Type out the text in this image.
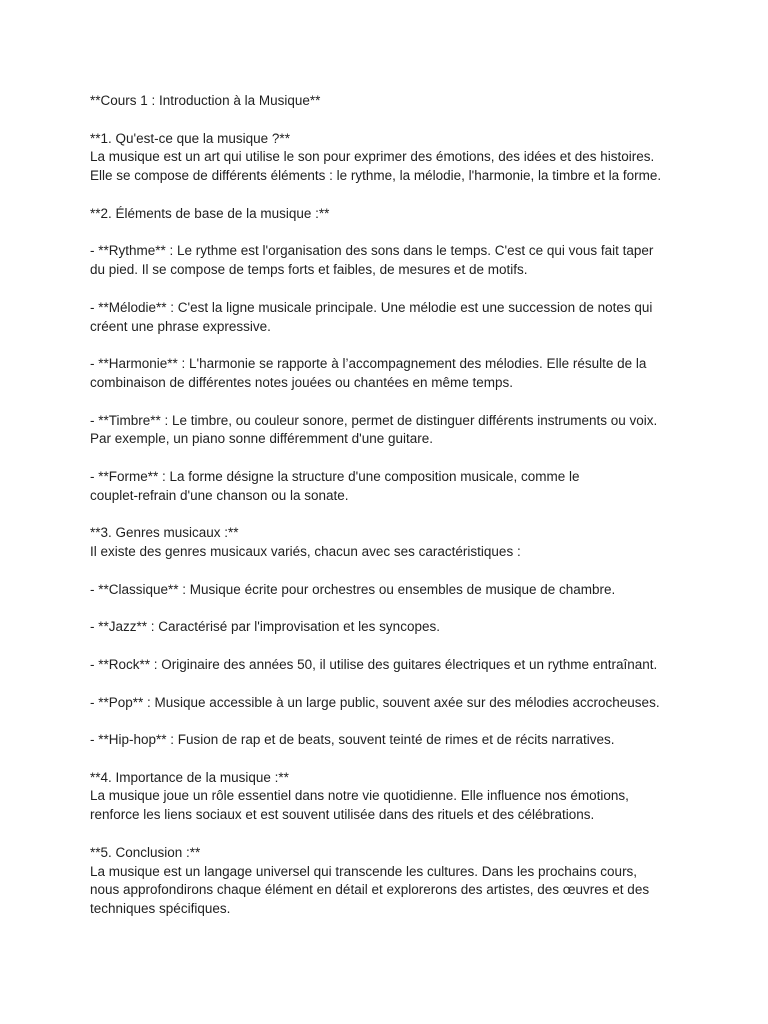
**Cours 1 : Introduction à la Musique**
**1. Qu'est-ce que la musique ?**
La musique est un art qui utilise le son pour exprimer des émotions, des idées et des histoires.
Elle se compose de différents éléments : le rythme, la mélodie, l'harmonie, la timbre et la forme.
**2. Éléments de base de la musique :**
- **Rythme** : Le rythme est l'organisation des sons dans le temps. C'est ce qui vous fait taper
du pied. Il se compose de temps forts et faibles, de mesures et de motifs.
- **Mélodie** : C'est la ligne musicale principale. Une mélodie est une succession de notes qui
créent une phrase expressive.
- **Harmonie** : L'harmonie se rapporte à l’accompagnement des mélodies. Elle résulte de la
combinaison de différentes notes jouées ou chantées en même temps.
- **Timbre** : Le timbre, ou couleur sonore, permet de distinguer différents instruments ou voix.
Par exemple, un piano sonne différemment d'une guitare.
- **Forme** : La forme désigne la structure d'une composition musicale, comme le
couplet-refrain d'une chanson ou la sonate.
**3. Genres musicaux :**
Il existe des genres musicaux variés, chacun avec ses caractéristiques :
- **Classique** : Musique écrite pour orchestres ou ensembles de musique de chambre.
- **Jazz** : Caractérisé par l'improvisation et les syncopes.
- **Rock** : Originaire des années 50, il utilise des guitares électriques et un rythme entraînant.
- **Pop** : Musique accessible à un large public, souvent axée sur des mélodies accrocheuses.
- **Hip-hop** : Fusion de rap et de beats, souvent teinté de rimes et de récits narratives.
**4. Importance de la musique :**
La musique joue un rôle essentiel dans notre vie quotidienne. Elle influence nos émotions,
renforce les liens sociaux et est souvent utilisée dans des rituels et des célébrations.
**5. Conclusion :**
La musique est un langage universel qui transcende les cultures. Dans les prochains cours,
nous approfondirons chaque élément en détail et explorerons des artistes, des œuvres et des
techniques spécifiques.
